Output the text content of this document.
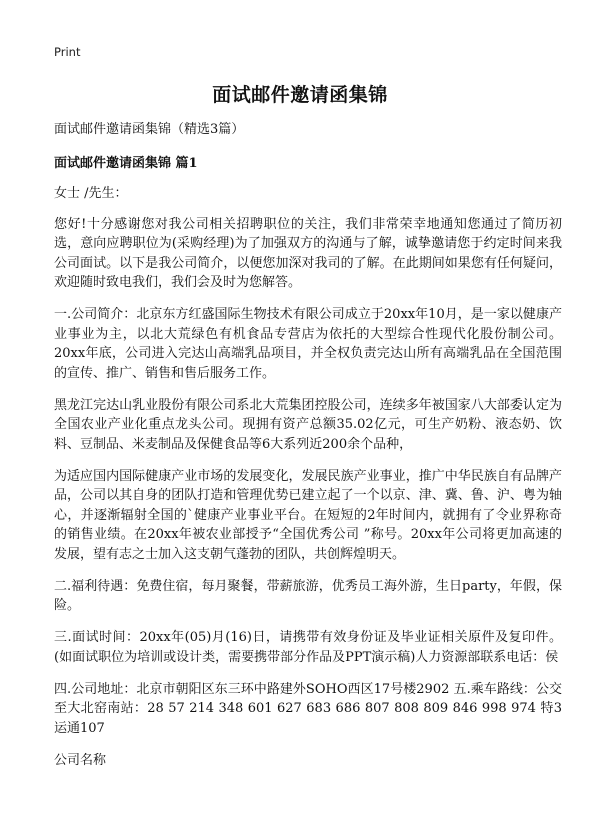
Print
面试邮件邀请函集锦

面试邮件邀请函集锦（精选3篇）

面试邮件邀请函集锦 篇1

女士 /先生：

您好!十分感谢您对我公司相关招聘职位的关注，我们非常荣幸地通知您通过了简历初选，意向应聘职位为(采购经理)为了加强双方的沟通与了解，诚挚邀请您于约定时间来我公司面试。以下是我公司简介，以便您加深对我司的了解。在此期间如果您有任何疑问，欢迎随时致电我们，我们会及时为您解答。

一.公司简介：北京东方红盛国际生物技术有限公司成立于20xx年10月，是一家以健康产业事业为主，以北大荒绿色有机食品专营店为依托的大型综合性现代化股份制公司。20xx年底，公司进入完达山高端乳品项目，并全权负责完达山所有高端乳品在全国范围的宣传、推广、销售和售后服务工作。

黑龙江完达山乳业股份有限公司系北大荒集团控股公司，连续多年被国家八大部委认定为全国农业产业化重点龙头公司。现拥有资产总额35.02亿元，可生产奶粉、液态奶、饮料、豆制品、米麦制品及保健食品等6大系列近200余个品种，

为适应国内国际健康产业市场的发展变化，发展民族产业事业，推广中华民族自有品牌产品，公司以其自身的团队打造和管理优势已建立起了一个以京、津、冀、鲁、沪、粤为轴心，并逐渐辐射全国的`健康产业事业平台。在短短的2年时间内，就拥有了令业界称奇的销售业绩。在20xx年被农业部授予“全国优秀公司 ”称号。20xx年公司将更加高速的发展，望有志之士加入这支朝气蓬勃的团队，共创辉煌明天。

二.福利待遇：免费住宿，每月聚餐，带薪旅游，优秀员工海外游，生日party，年假，保险。

三.面试时间：20xx年(05)月(16)日，请携带有效身份证及毕业证相关原件及复印件。(如面试职位为培训或设计类，需要携带部分作品及PPT演示稿)人力资源部联系电话：侯

四.公司地址：北京市朝阳区东三环中路建外SOHO西区17号楼2902 五.乘车路线：公交至大北窑南站：28 57 214 348 601 627 683 686 807 808 809 846 998 974 特3 运通107

公司名称
